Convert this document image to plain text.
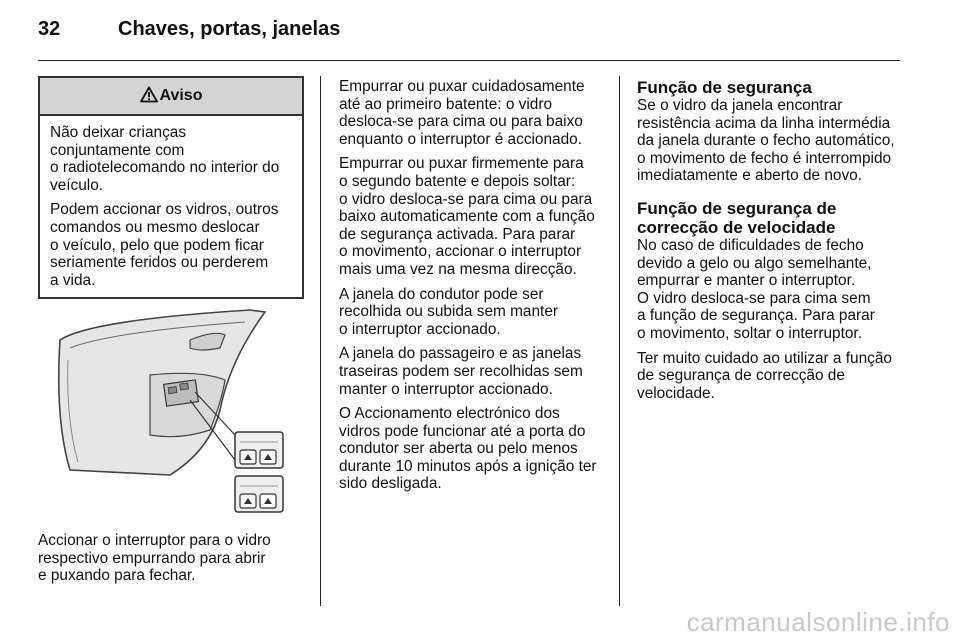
32	Chaves, portas, janelas
Aviso

Não deixar crianças
conjuntamente com
o radiotelecomando no interior do
veículo.

Podem accionar os vidros, outros
comandos ou mesmo deslocar
o veículo, pelo que podem ficar
seriamente feridos ou perderem
a vida.

Accionar o interruptor para o vidro
respectivo empurrando para abrir
e puxando para fechar.

Empurrar ou puxar cuidadosamente
até ao primeiro batente: o vidro
desloca-se para cima ou para baixo
enquanto o interruptor é accionado.

Empurrar ou puxar firmemente para
o segundo batente e depois soltar:
o vidro desloca-se para cima ou para
baixo automaticamente com a função
de segurança activada. Para parar
o movimento, accionar o interruptor
mais uma vez na mesma direcção.

A janela do condutor pode ser
recolhida ou subida sem manter
o interruptor accionado.

A janela do passageiro e as janelas
traseiras podem ser recolhidas sem
manter o interruptor accionado.

O Accionamento electrónico dos
vidros pode funcionar até a porta do
condutor ser aberta ou pelo menos
durante 10 minutos após a ignição ter
sido desligada.

Função de segurança

Se o vidro da janela encontrar
resistência acima da linha intermédia
da janela durante o fecho automático,
o movimento de fecho é interrompido
imediatamente e aberto de novo.

Função de segurança de
correcção de velocidade

No caso de dificuldades de fecho
devido a gelo ou algo semelhante,
empurrar e manter o interruptor.
O vidro desloca-se para cima sem
a função de segurança. Para parar
o movimento, soltar o interruptor.

Ter muito cuidado ao utilizar a função
de segurança de correcção de
velocidade.

carmanualsonline.info
